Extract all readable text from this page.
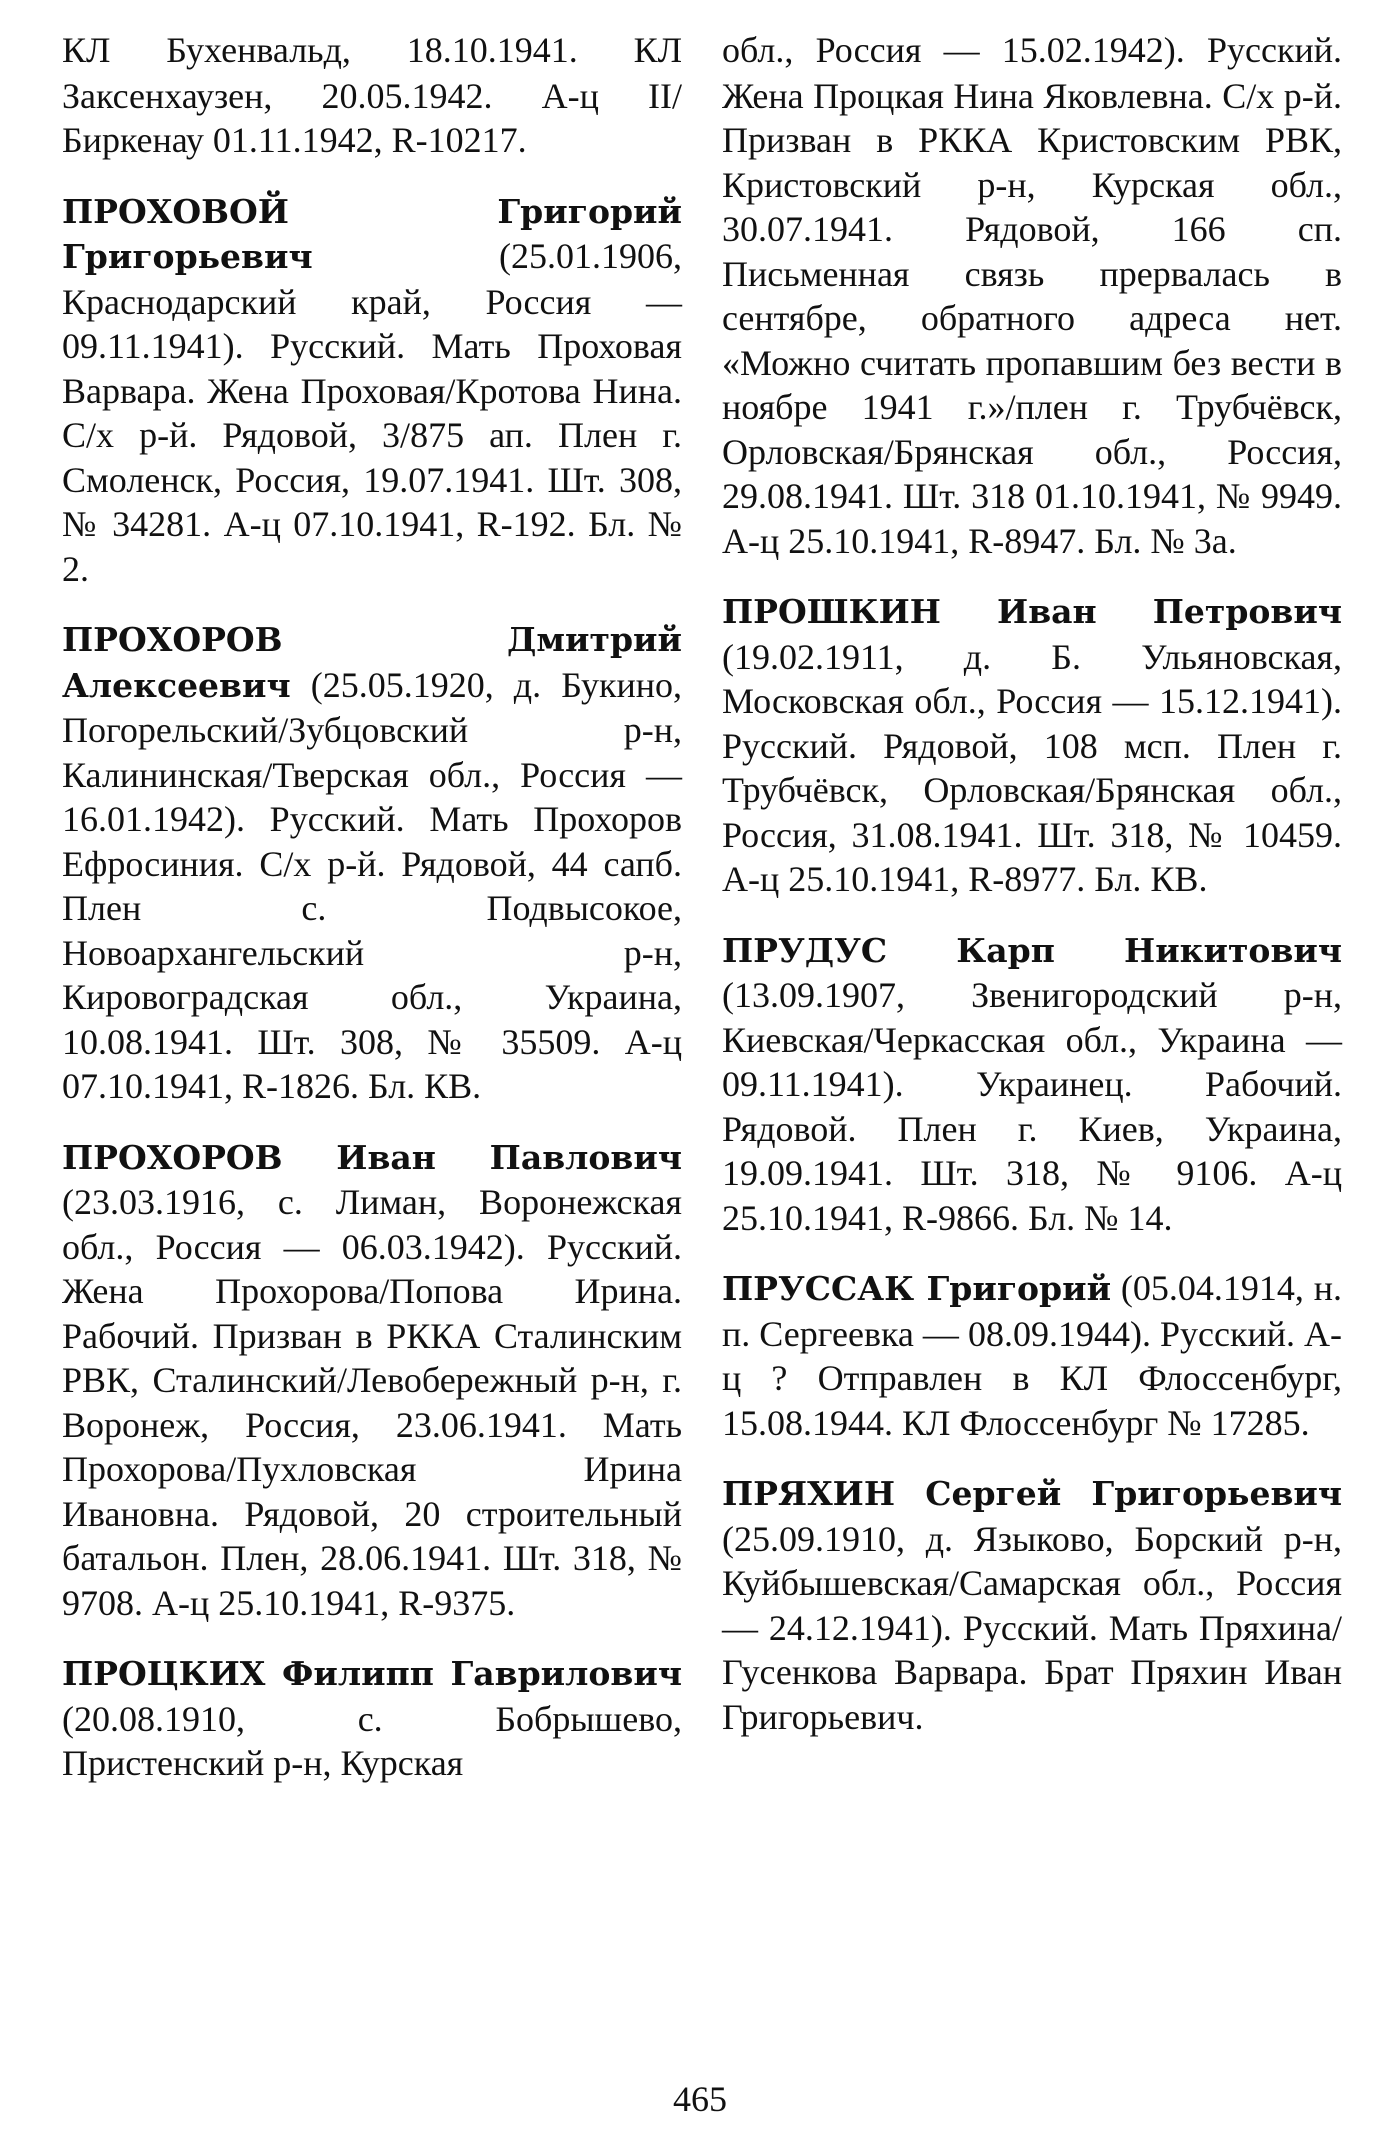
КЛ Бухенвальд, 18.10.1941. КЛ Заксенхаузен, 20.05.1942. А-ц II/Биркенау 01.11.1942, R-10217.

ПРОХОВОЙ Григорий Григорьевич (25.01.1906, Краснодарский край, Россия — 09.11.1941). Русский. Мать Проховая Варвара. Жена Проховая/Кротова Нина. С/х р-й. Рядовой, 3/875 ап. Плен г. Смоленск, Россия, 19.07.1941. Шт. 308, № 34281. А-ц 07.10.1941, R-192. Бл. № 2.

ПРОХОРОВ Дмитрий Алексеевич (25.05.1920, д. Букино, Погорельский/Зубцовский р-н, Калининская/Тверская обл., Россия — 16.01.1942). Русский. Мать Прохоров Ефросиния. С/х р-й. Рядовой, 44 сапб. Плен с. Подвысокое, Новоархангельский р-н, Кировоградская обл., Украина, 10.08.1941. Шт. 308, № 35509. А-ц 07.10.1941, R-1826. Бл. КВ.

ПРОХОРОВ Иван Павлович (23.03.1916, с. Лиман, Воронежская обл., Россия — 06.03.1942). Русский. Жена Прохорова/Попова Ирина. Рабочий. Призван в РККА Сталинским РВК, Сталинский/Левобережный р-н, г. Воронеж, Россия, 23.06.1941. Мать Прохорова/Пухловская Ирина Ивановна. Рядовой, 20 строительный батальон. Плен, 28.06.1941. Шт. 318, № 9708. А-ц 25.10.1941, R-9375.

ПРОЦКИХ Филипп Гаврилович (20.08.1910, с. Бобрышево, Пристенский р-н, Курская

обл., Россия — 15.02.1942). Русский. Жена Процкая Нина Яковлевна. С/х р-й. Призван в РККА Кристовским РВК, Кристовский р-н, Курская обл., 30.07.1941. Рядовой, 166 сп. Письменная связь прервалась в сентябре, обратного адреса нет. «Можно считать пропавшим без вести в ноябре 1941 г.»/плен г. Трубчёвск, Орловская/Брянская обл., Россия, 29.08.1941. Шт. 318 01.10.1941, № 9949. А-ц 25.10.1941, R-8947. Бл. № 3а.

ПРОШКИН Иван Петрович (19.02.1911, д. Б. Ульяновская, Московская обл., Россия — 15.12.1941). Русский. Рядовой, 108 мсп. Плен г. Трубчёвск, Орловская/Брянская обл., Россия, 31.08.1941. Шт. 318, № 10459. А-ц 25.10.1941, R-8977. Бл. КВ.

ПРУДУС Карп Никитович (13.09.1907, Звенигородский р-н, Киевская/Черкасская обл., Украина — 09.11.1941). Украинец. Рабочий. Рядовой. Плен г. Киев, Украина, 19.09.1941. Шт. 318, № 9106. А-ц 25.10.1941, R-9866. Бл. № 14.

ПРУССАК Григорий (05.04.1914, н. п. Сергеевка — 08.09.1944). Русский. А-ц ? Отправлен в КЛ Флоссенбург, 15.08.1944. КЛ Флоссенбург № 17285.

ПРЯХИН Сергей Григорьевич (25.09.1910, д. Языково, Борский р-н, Куйбышевская/Самарская обл., Россия — 24.12.1941). Русский. Мать Пряхина/Гусенкова Варвара. Брат Пряхин Иван Григорьевич.

465
